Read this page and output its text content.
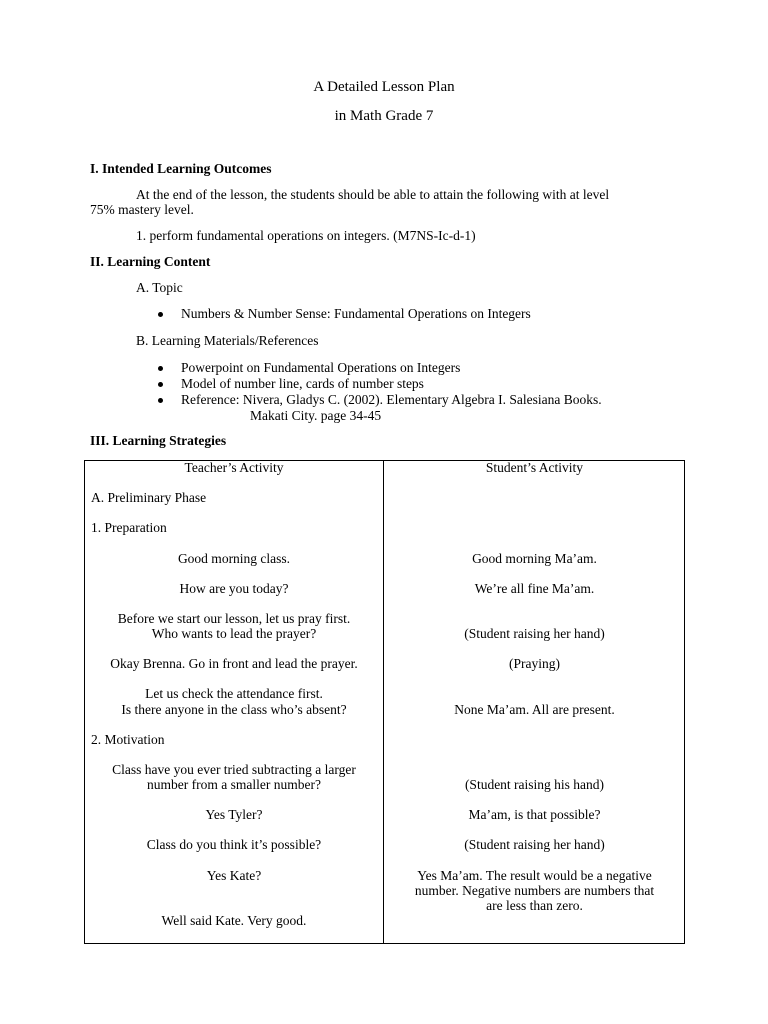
A Detailed Lesson Plan
in Math Grade 7
I. Intended Learning Outcomes
At the end of the lesson, the students should be able to attain the following with at level
75% mastery level.
1. perform fundamental operations on integers. (M7NS-Ic-d-1)
II. Learning Content
A. Topic
Numbers & Number Sense: Fundamental Operations on Integers
B. Learning Materials/References
Powerpoint on Fundamental Operations on Integers
Model of number line, cards of number steps
Reference: Nivera, Gladys C. (2002). Elementary Algebra I. Salesiana Books.
Makati City. page 34-45
III. Learning Strategies
Teacher’s Activity	Student’s Activity
A. Preliminary Phase
1. Preparation
Good morning class.
How are you today?
Before we start our lesson, let us pray first.
Who wants to lead the prayer?
Okay Brenna. Go in front and lead the prayer.
Let us check the attendance first.
Is there anyone in the class who’s absent?
2. Motivation
Class have you ever tried subtracting a larger
number from a smaller number?
Yes Tyler?
Class do you think it’s possible?
Yes Kate?
Well said Kate. Very good.
Good morning Ma’am.
We’re all fine Ma’am.
(Student raising her hand)
(Praying)
None Ma’am. All are present.
(Student raising his hand)
Ma’am, is that possible?
(Student raising her hand)
Yes Ma’am. The result would be a negative
number. Negative numbers are numbers that
are less than zero.
